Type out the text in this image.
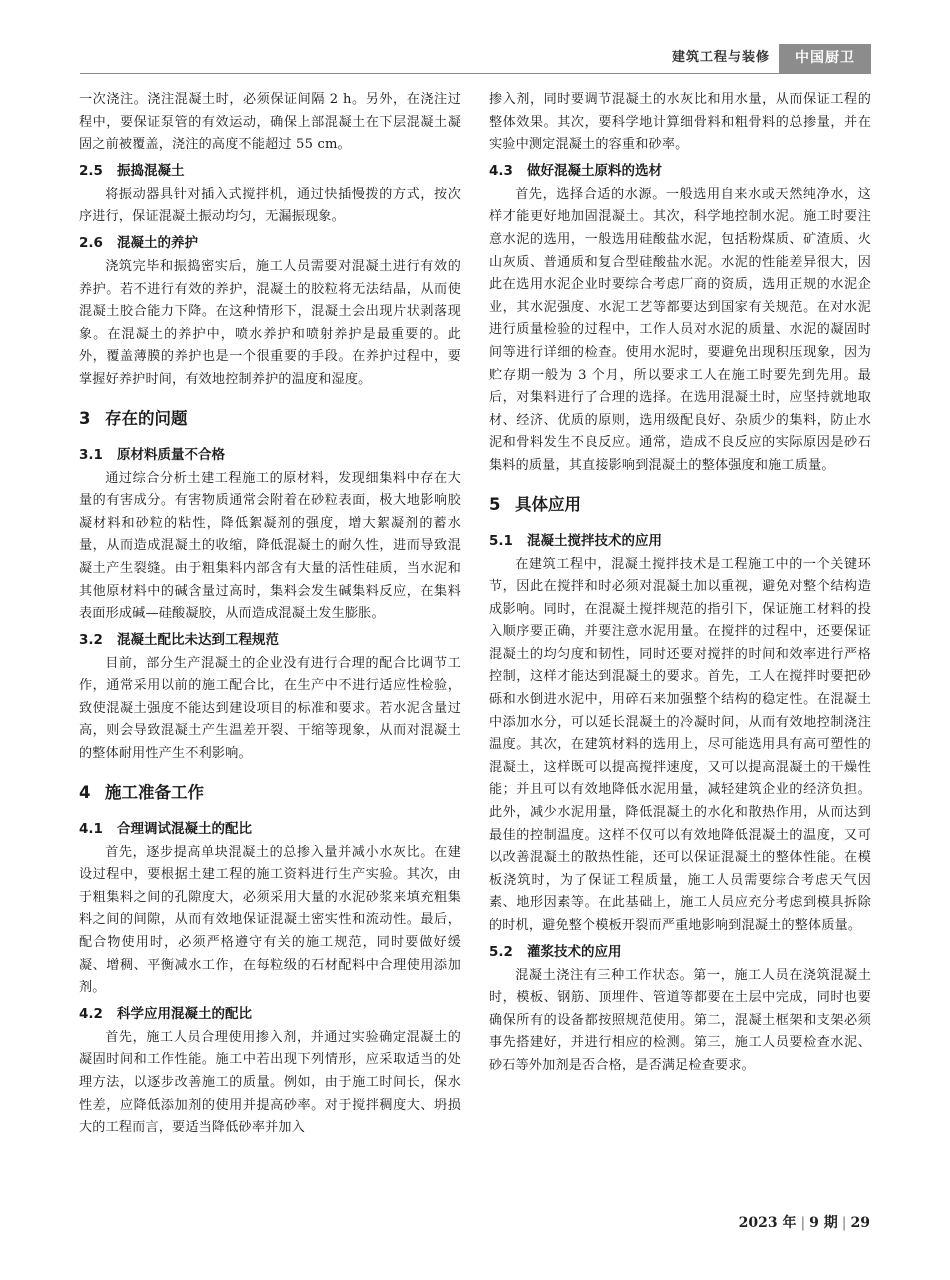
建筑工程与装修	中国厨卫

一次浇注。浇注混凝土时，必须保证间隔 2 h。另外，在浇注过程中，要保证泵管的有效运动，确保上部混凝土在下层混凝土凝固之前被覆盖，浇注的高度不能超过 55 cm。

2.5 振捣混凝土

将振动器具针对插入式搅拌机，通过快插慢拨的方式，按次序进行，保证混凝土振动均匀，无漏振现象。

2.6 混凝土的养护

浇筑完毕和振捣密实后，施工人员需要对混凝土进行有效的养护。若不进行有效的养护，混凝土的胶粒将无法结晶，从而使混凝土胶合能力下降。在这种情形下，混凝土会出现片状剥落现象。在混凝土的养护中，喷水养护和喷射养护是最重要的。此外，覆盖薄膜的养护也是一个很重要的手段。在养护过程中，要掌握好养护时间，有效地控制养护的温度和湿度。

3 存在的问题
3.1 原材料质量不合格

通过综合分析土建工程施工的原材料，发现细集料中存在大量的有害成分。有害物质通常会附着在砂粒表面，极大地影响胶凝材料和砂粒的粘性，降低絮凝剂的强度，增大絮凝剂的蓄水量，从而造成混凝土的收缩，降低混凝土的耐久性，进而导致混凝土产生裂缝。由于粗集料内部含有大量的活性硅质，当水泥和其他原材料中的碱含量过高时，集料会发生碱集料反应，在集料表面形成碱—硅酸凝胶，从而造成混凝土发生膨胀。

3.2 混凝土配比未达到工程规范

目前，部分生产混凝土的企业没有进行合理的配合比调节工作，通常采用以前的施工配合比，在生产中不进行适应性检验，致使混凝土强度不能达到建设项目的标准和要求。若水泥含量过高，则会导致混凝土产生温差开裂、干缩等现象，从而对混凝土的整体耐用性产生不利影响。

4 施工准备工作
4.1 合理调试混凝土的配比

首先，逐步提高单块混凝土的总掺入量并减小水灰比。在建设过程中，要根据土建工程的施工资料进行生产实验。其次，由于粗集料之间的孔隙度大，必须采用大量的水泥砂浆来填充粗集料之间的间隙，从而有效地保证混凝土密实性和流动性。最后，配合物使用时，必须严格遵守有关的施工规范，同时要做好缓凝、增稠、平衡减水工作，在每粒级的石材配料中合理使用添加剂。

4.2 科学应用混凝土的配比

首先，施工人员合理使用掺入剂，并通过实验确定混凝土的凝固时间和工作性能。施工中若出现下列情形，应采取适当的处理方法，以逐步改善施工的质量。例如，由于施工时间长，保水性差，应降低添加剂的使用并提高砂率。对于搅拌稠度大、坍损大的工程而言，要适当降低砂率并加入

掺入剂，同时要调节混凝土的水灰比和用水量，从而保证工程的整体效果。其次，要科学地计算细骨料和粗骨料的总掺量，并在实验中测定混凝土的容重和砂率。

4.3 做好混凝土原料的选材

首先，选择合适的水源。一般选用自来水或天然纯净水，这样才能更好地加固混凝土。其次，科学地控制水泥。施工时要注意水泥的选用，一般选用硅酸盐水泥，包括粉煤质、矿渣质、火山灰质、普通质和复合型硅酸盐水泥。水泥的性能差异很大，因此在选用水泥企业时要综合考虑厂商的资质，选用正规的水泥企业，其水泥强度、水泥工艺等都要达到国家有关规范。在对水泥进行质量检验的过程中，工作人员对水泥的质量、水泥的凝固时间等进行详细的检查。使用水泥时，要避免出现积压现象，因为贮存期一般为 3 个月，所以要求工人在施工时要先到先用。最后，对集料进行了合理的选择。在选用混凝土时，应坚持就地取材、经济、优质的原则，选用级配良好、杂质少的集料，防止水泥和骨料发生不良反应。通常，造成不良反应的实际原因是砂石集料的质量，其直接影响到混凝土的整体强度和施工质量。

5 具体应用
5.1 混凝土搅拌技术的应用

在建筑工程中，混凝土搅拌技术是工程施工中的一个关键环节，因此在搅拌和时必须对混凝土加以重视，避免对整个结构造成影响。同时，在混凝土搅拌规范的指引下，保证施工材料的投入顺序要正确，并要注意水泥用量。在搅拌的过程中，还要保证混凝土的均匀度和韧性，同时还要对搅拌的时间和效率进行严格控制，这样才能达到混凝土的要求。首先，工人在搅拌时要把砂砾和水倒进水泥中，用碎石来加强整个结构的稳定性。在混凝土中添加水分，可以延长混凝土的冷凝时间，从而有效地控制浇注温度。其次，在建筑材料的选用上，尽可能选用具有高可塑性的混凝土，这样既可以提高搅拌速度，又可以提高混凝土的干燥性能；并且可以有效地降低水泥用量，减轻建筑企业的经济负担。此外，减少水泥用量，降低混凝土的水化和散热作用，从而达到最佳的控制温度。这样不仅可以有效地降低混凝土的温度，又可以改善混凝土的散热性能，还可以保证混凝土的整体性能。在模板浇筑时，为了保证工程质量，施工人员需要综合考虑天气因素、地形因素等。在此基础上，施工人员应充分考虑到模具拆除的时机，避免整个模板开裂而严重地影响到混凝土的整体质量。

5.2 灌浆技术的应用

混凝土浇注有三种工作状态。第一，施工人员在浇筑混凝土时，模板、钢筋、顶埋件、管道等都要在土层中完成，同时也要确保所有的设备都按照规范使用。第二，混凝土框架和支架必须事先搭建好，并进行相应的检测。第三，施工人员要检查水泥、砂石等外加剂是否合格，是否满足检查要求。

2023 年 | 9 期 | 29
